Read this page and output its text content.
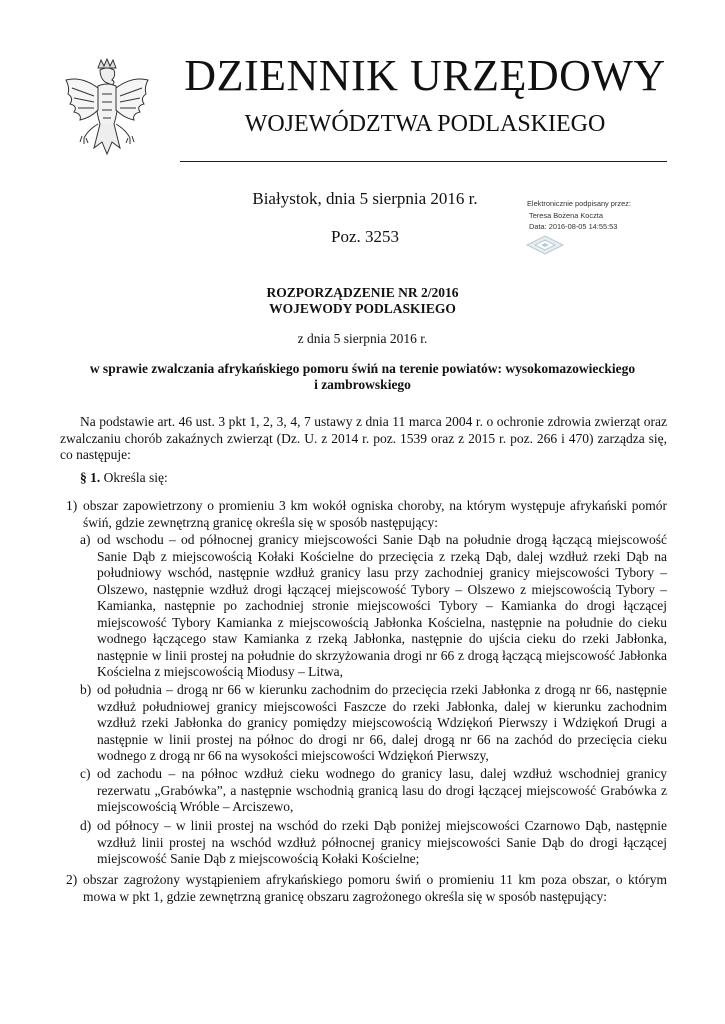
DZIENNIK URZĘDOWY
WOJEWÓDZTWA PODLASKIEGO
Białystok, dnia 5 sierpnia 2016 r.
Poz. 3253
Elektronicznie podpisany przez:
Teresa Bożena Koczta
Data: 2016-08-05 14:55:53
ROZPORZĄDZENIE NR 2/2016
WOJEWODY PODLASKIEGO
z dnia 5 sierpnia 2016 r.
w sprawie zwalczania afrykańskiego pomoru świń na terenie powiatów: wysokomazowieckiego
i zambrowskiego

Na podstawie art. 46 ust. 3 pkt 1, 2, 3, 4, 7 ustawy z dnia 11 marca 2004 r. o ochronie zdrowia zwierząt oraz zwalczaniu chorób zakaźnych zwierząt (Dz. U. z 2014 r. poz. 1539 oraz z 2015 r. poz. 266 i 470) zarządza się, co następuje:

§ 1. Określa się:
1) obszar zapowietrzony o promieniu 3 km wokół ogniska choroby, na którym występuje afrykański pomór świń, gdzie zewnętrzną granicę określa się w sposób następujący:
a) od wschodu – od północnej granicy miejscowości Sanie Dąb na południe drogą łączącą miejscowość Sanie Dąb z miejscowością Kołaki Kościelne do przecięcia z rzeką Dąb, dalej wzdłuż rzeki Dąb na południowy wschód, następnie wzdłuż granicy lasu przy zachodniej granicy miejscowości Tybory – Olszewo, następnie wzdłuż drogi łączącej miejscowość Tybory – Olszewo z miejscowością Tybory – Kamianka, następnie po zachodniej stronie miejscowości Tybory – Kamianka do drogi łączącej miejscowość Tybory Kamianka z miejscowością Jabłonka Kościelna, następnie na południe do cieku wodnego łączącego staw Kamianka z rzeką Jabłonka, następnie do ujścia cieku do rzeki Jabłonka, następnie w linii prostej na południe do skrzyżowania drogi nr 66 z drogą łączącą miejscowość Jabłonka Kościelna z miejscowością Miodusy – Litwa,
b) od południa – drogą nr 66 w kierunku zachodnim do przecięcia rzeki Jabłonka z drogą nr 66, następnie wzdłuż południowej granicy miejscowości Faszcze do rzeki Jabłonka, dalej w kierunku zachodnim wzdłuż rzeki Jabłonka do granicy pomiędzy miejscowością Wdziękoń Pierwszy i Wdziękoń Drugi a następnie w linii prostej na północ do drogi nr 66, dalej drogą nr 66 na zachód do przecięcia cieku wodnego z drogą nr 66 na wysokości miejscowości Wdziękoń Pierwszy,
c) od zachodu – na północ wzdłuż cieku wodnego do granicy lasu, dalej wzdłuż wschodniej granicy rezerwatu „Grabówka”, a następnie wschodnią granicą lasu do drogi łączącej miejscowość Grabówka z miejscowością Wróble – Arciszewo,
d) od północy – w linii prostej na wschód do rzeki Dąb poniżej miejscowości Czarnowo Dąb, następnie wzdłuż linii prostej na wschód wzdłuż północnej granicy miejscowości Sanie Dąb do drogi łączącej miejscowość Sanie Dąb z miejscowością Kołaki Kościelne;
2) obszar zagrożony wystąpieniem afrykańskiego pomoru świń o promieniu 11 km poza obszar, o którym mowa w pkt 1, gdzie zewnętrzną granicę obszaru zagrożonego określa się w sposób następujący:
